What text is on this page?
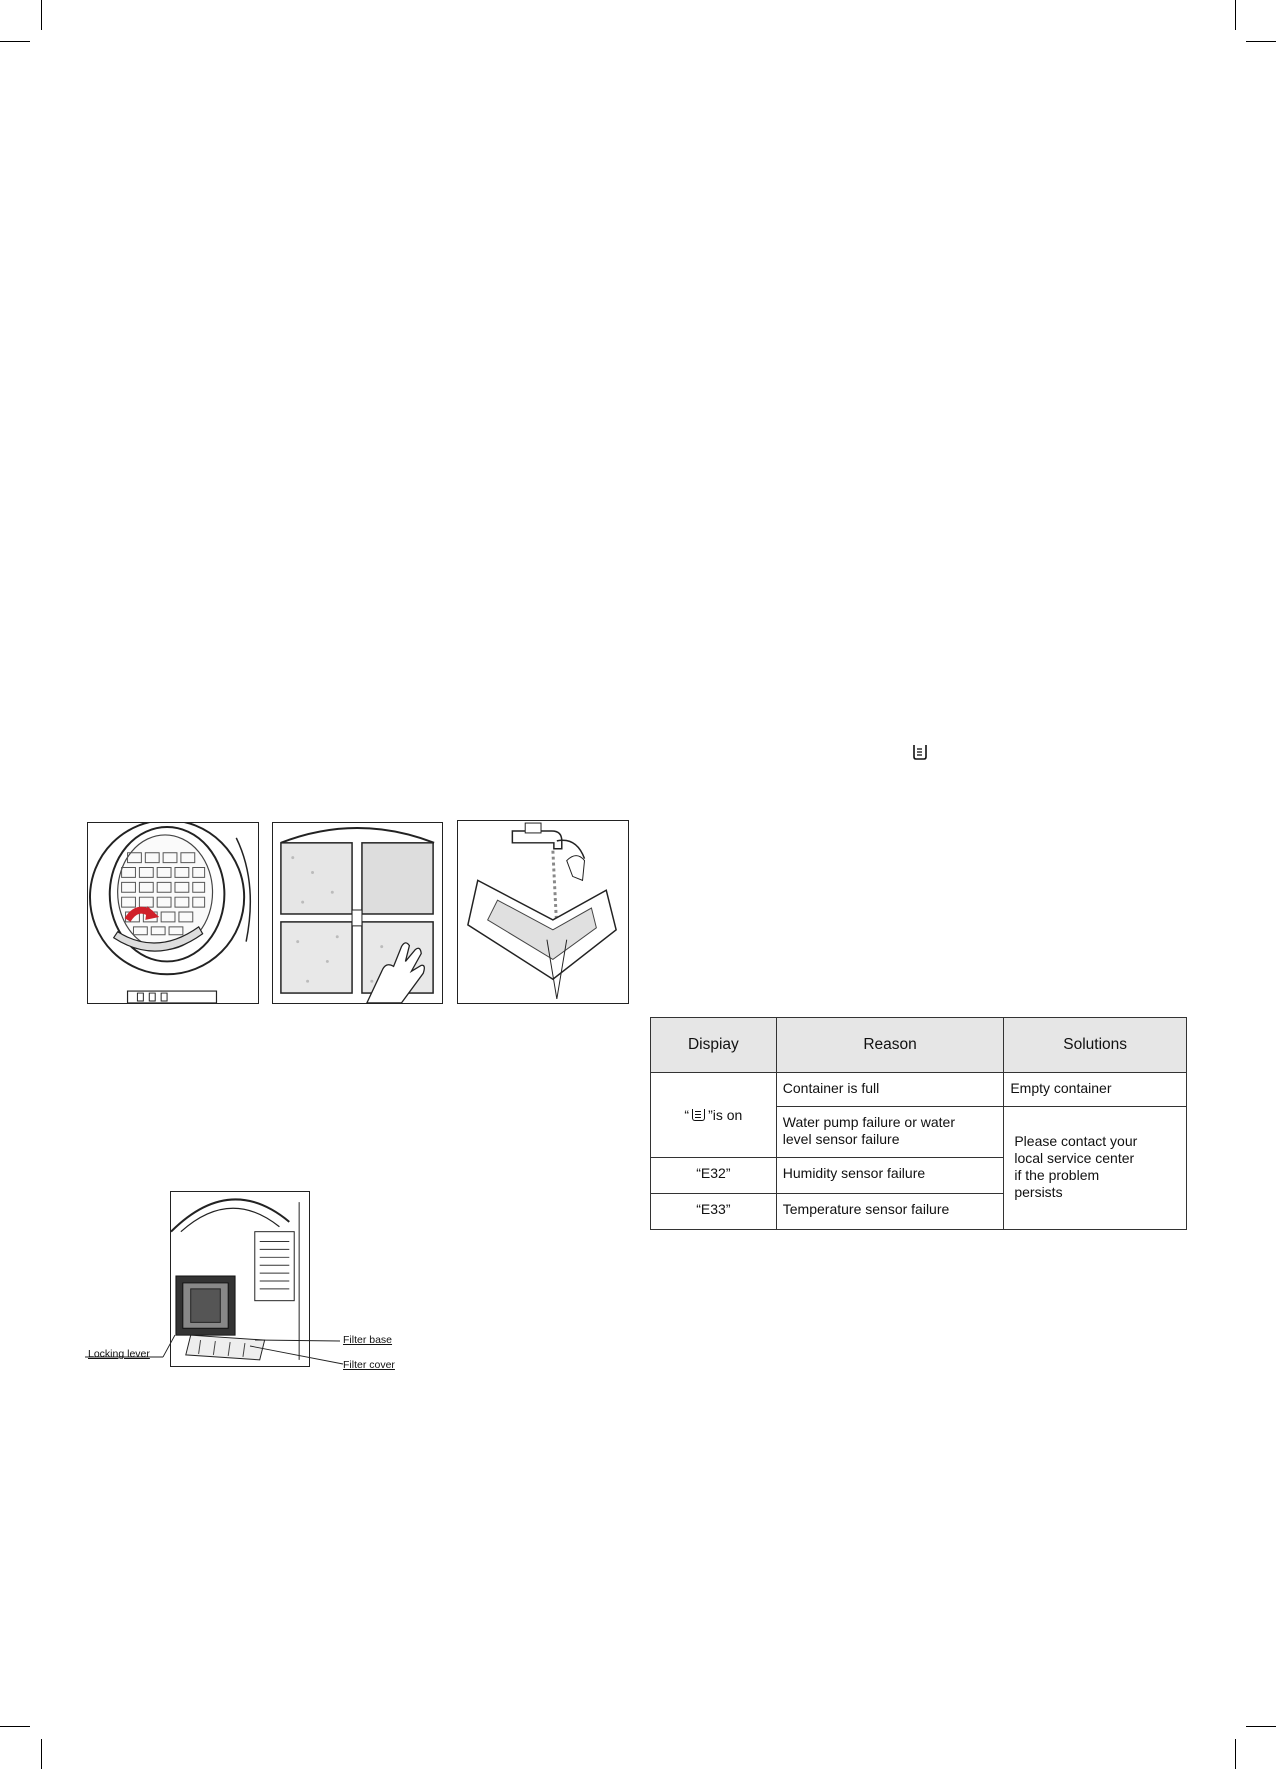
Locking lever
Filter base
Filter cover
Dispiay	Reason	Solutions
“ ”is on	Container is full	Empty container

	Water pump failure or water
level sensor failure	Please contact your
local service center
if the problem
persists

“E32”	Humidity sensor failure	

“E33”	Temperature sensor failure	
